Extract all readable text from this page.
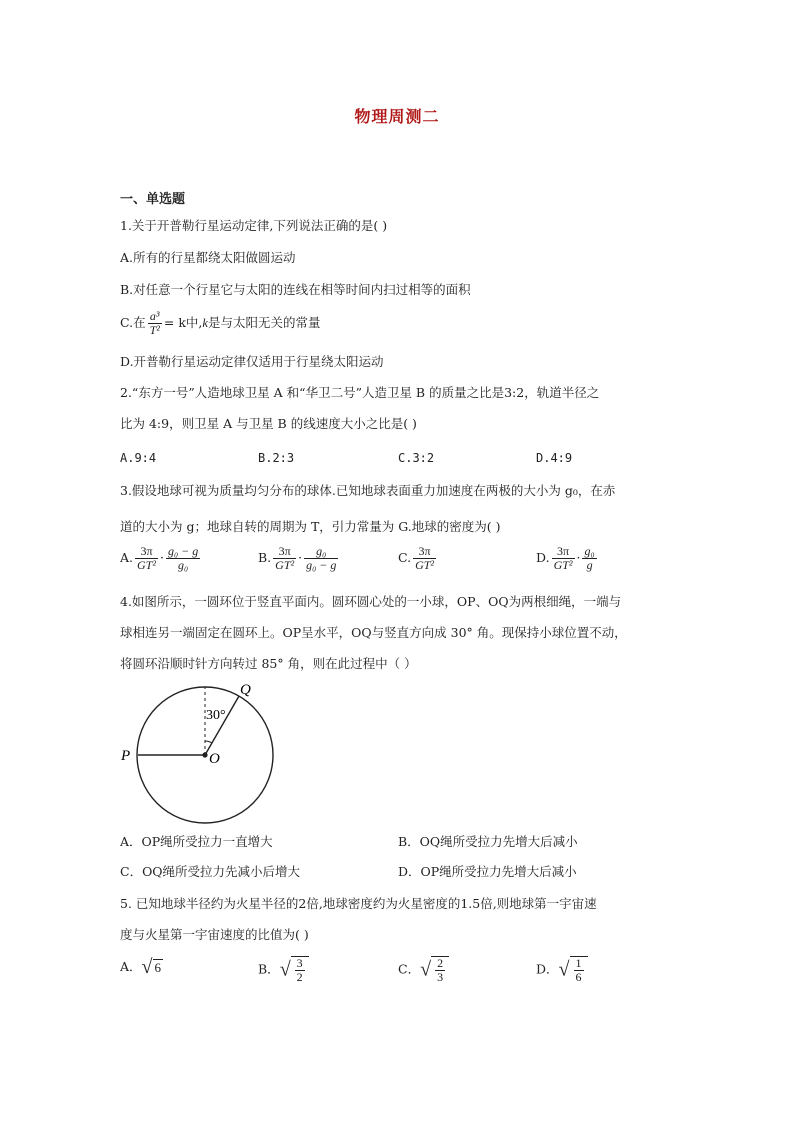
物理周测二
一、单选题
1.关于开普勒行星运动定律,下列说法正确的是( )
A.所有的行星都绕太阳做圆运动
B.对任意一个行星它与太阳的连线在相等时间内扫过相等的面积
C.在 $\frac{\text{a³}}{\text{T²}} = k$中,k是与太阳无关的常量
D.开普勒行星运动定律仅适用于行星绕太阳运动
2.“东方一号”人造地球卫星 A 和“华卫二号”人造卫星 B 的质量之比是3:2，轨道半径之
比为 4:9，则卫星 A 与卫星 B 的线速度大小之比是( )
A.9:4	B.2:3	C.3:2	D.4:9
3.假设地球可视为质量均匀分布的球体.已知地球表面重力加速度在两极的大小为 g₀，在赤
道的大小为 g；地球自转的周期为 T，引力常量为 G.地球的密度为( )
A. $\frac{3\pi}{\text{GT²}} \cdot \frac{\text{g₀ − g}}{\text{g₀}}$	B. $\frac{3\pi}{\text{GT²}} \cdot \frac{\text{g₀}}{\text{g₀ − g}}$	C. $\frac{3\pi}{\text{GT²}}$	D. $\frac{3\pi}{\text{GT²}} \cdot \frac{\text{g₀}}{g}$
4.如图所示，一圆环位于竖直平面内。圆环圆心处的一小球，OP、OQ为两根细绳，一端与
球相连另一端固定在圆环上。OP呈水平，OQ与竖直方向成 30° 角。现保持小球位置不动，
将圆环沿顺时针方向转过 85° 角，则在此过程中（ ）
P	O
Q
30°
A．OP绳所受拉力一直增大	B．OQ绳所受拉力先增大后减小
C．OQ绳所受拉力先减小后增大	D．OP绳所受拉力先增大后减小
5. 已知地球半径约为火星半径的2倍,地球密度约为火星密度的1.5倍,则地球第一宇宙速
度与火星第一宇宙速度的比值为( )
A．√ 6	B．√ $\frac{3}{2}$	C．√ $\frac{2}{3}$	D．√ $\frac{1}{6}$
